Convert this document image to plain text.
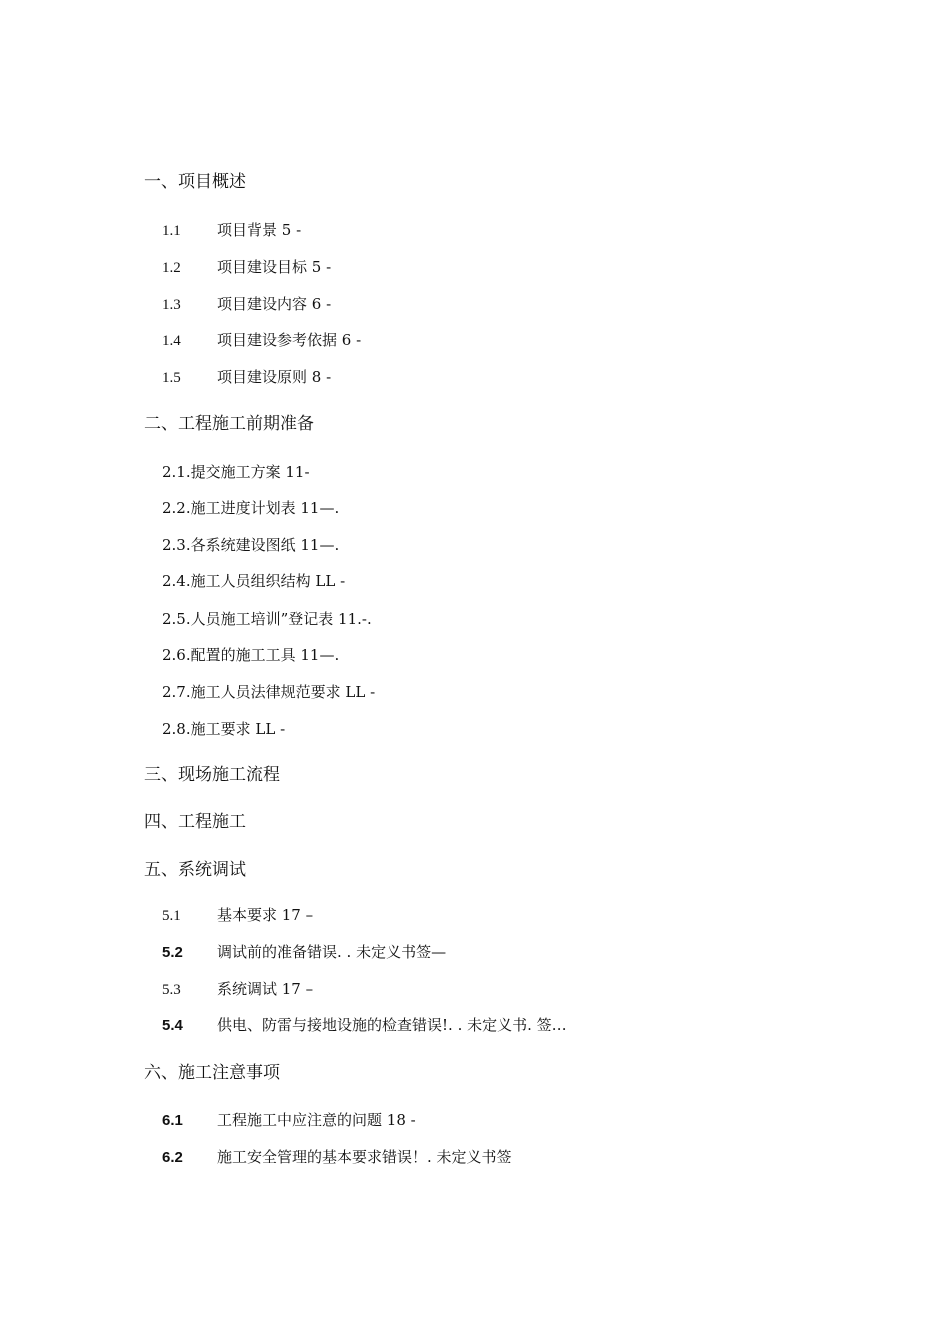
一、项目概述
1.1 项目背景 5 -
1.2 项目建设目标 5 -
1.3 项目建设内容 6 -
1.4 项目建设参考依据 6 -
1.5 项目建设原则 8 -
二、工程施工前期准备
2.1.提交施工方案 11-
2.2.施工进度计划表 11—.
2.3.各系统建设图纸 11—.
2.4.施工人员组织结构 LL -
2.5.人员施工培训”登记表 11.-.
2.6.配置的施工工具 11—.
2.7.施工人员法律规范要求 LL -
2.8.施工要求 LL -
三、现场施工流程
四、工程施工
五、系统调试
5.1 基本要求 17 –
5.2 调试前的准备错误. . 未定义书签—
5.3 系统调试 17 –
5.4 供电、防雷与接地设施的检查错误!. . 未定义书. 签…
六、施工注意事项
6.1 工程施工中应注意的问题 18 -
6.2 施工安全管理的基本要求错误！. 未定义书签
